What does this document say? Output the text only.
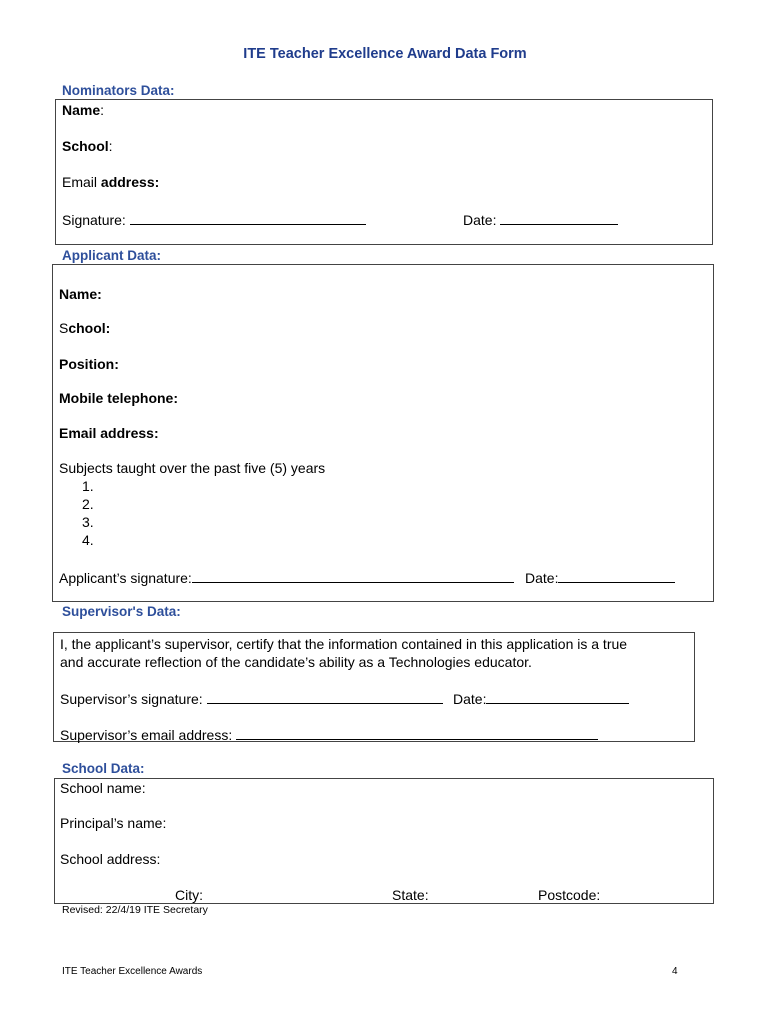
ITE Teacher Excellence Award Data Form
Nominators Data:
Name:
School:
Email address:
Signature:	Date:
Applicant Data:
Name:
School:
Position:
Mobile telephone:
Email address:
Subjects taught over the past five (5) years
1.
2.
3.
4.
Applicant’s signature:	Date:
Supervisor's Data:
I, the applicant’s supervisor, certify that the information contained in this application is a true
and accurate reflection of the candidate’s ability as a Technologies educator.
Supervisor’s signature:	Date:
Supervisor’s email address:
School Data:
School name:
Principal’s name:
School address:
City:	State:	Postcode:
Revised: 22/4/19 ITE Secretary
ITE Teacher Excellence Awards	4
